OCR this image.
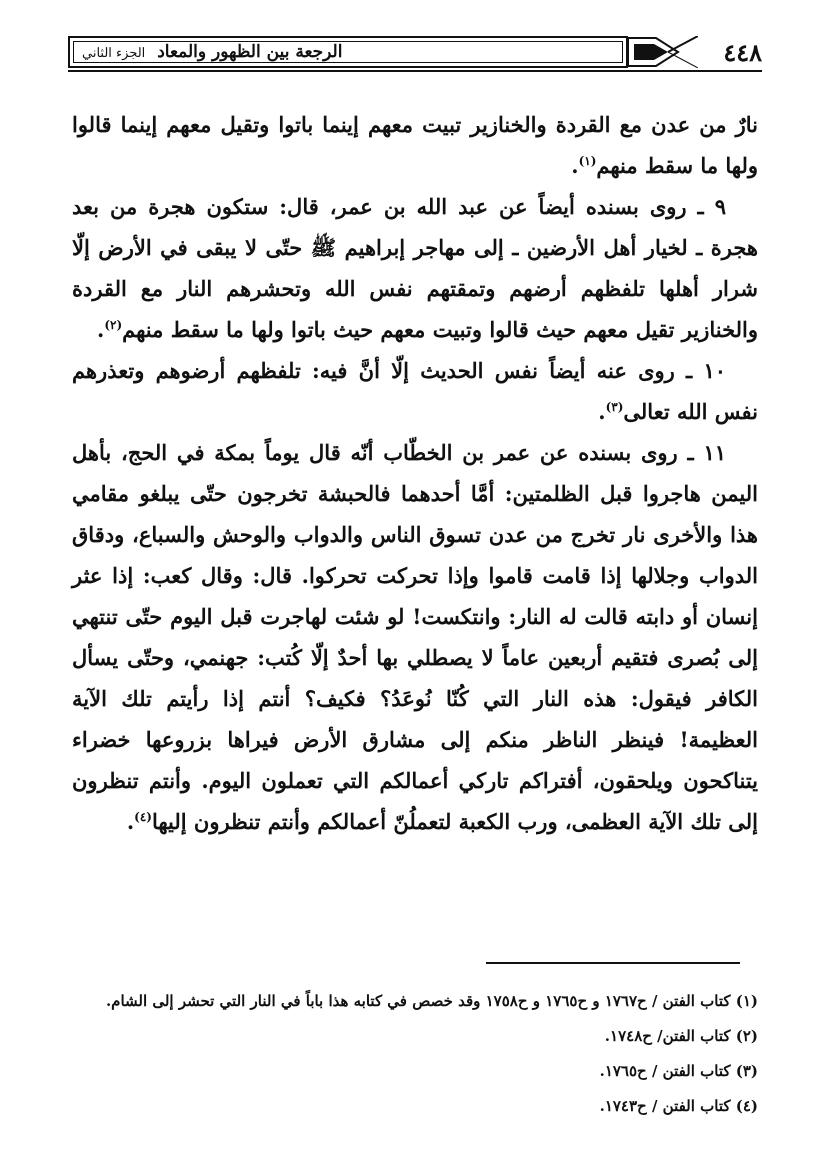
الرجعة بين الظهور والمعاد الجزء الثاني	٤٤٨

نارٌ من عدن مع القردة والخنازير تبيت معهم إينما باتوا وتقيل معهم إينما قالوا ولها ما سقط منهم$^{(١)}$.

٩ ـ روى بسنده أيضاً عن عبد الله بن عمر، قال: ستكون هجرة من بعد هجرة ـ لخيار أهل الأرضين ـ إلى مهاجر إبراهيم ﷺ حتّى لا يبقى في الأرض إلّا شرار أهلها تلفظهم أرضهم وتمقتهم نفس الله وتحشرهم النار مع القردة والخنازير تقيل معهم حيث قالوا وتبيت معهم حيث باتوا ولها ما سقط منهم$^{(٢)}$.

١٠ ـ روى عنه أيضاً نفس الحديث إلّا أنَّ فيه: تلفظهم أرضوهم وتعذرهم نفس الله تعالى$^{(٣)}$.

١١ ـ روى بسنده عن عمر بن الخطّاب أنّه قال يوماً بمكة في الحج، بأهل اليمن هاجروا قبل الظلمتين: أمَّا أحدهما فالحبشة تخرجون حتّى يبلغو مقامي هذا والأخرى نار تخرج من عدن تسوق الناس والدواب والوحش والسباع، ودقاق الدواب وجلالها إذا قامت قاموا وإذا تحركت تحركوا. قال: وقال كعب: إذا عثر إنسان أو دابته قالت له النار: وانتكست! لو شئت لهاجرت قبل اليوم حتّى تنتهي إلى بُصرى فتقيم أربعين عاماً لا يصطلي بها أحدٌ إلّا كُتب: جهنمي، وحتّى يسأل الكافر فيقول: هذه النار التي كُنّا نُوعَدُ؟ فكيف؟ أنتم إذا رأيتم تلك الآية العظيمة! فينظر الناظر منكم إلى مشارق الأرض فيراها بزروعها خضراء يتناكحون ويلحقون، أفتراكم تاركي أعمالكم التي تعملون اليوم. وأنتم تنظرون إلى تلك الآية العظمى، ورب الكعبة لتعملُنّ أعمالكم وأنتم تنظرون إليها$^{(٤)}$.

(١) كتاب الفتن / ح١٧٦٧ و ح١٧٦٥ و ح١٧٥٨ وقد خصص في كتابه هذا باباً في النار التي تحشر إلى الشام.
(٢) كتاب الفتن/ ح١٧٤٨.
(٣) كتاب الفتن / ح١٧٦٥.
(٤) كتاب الفتن / ح١٧٤٣.
